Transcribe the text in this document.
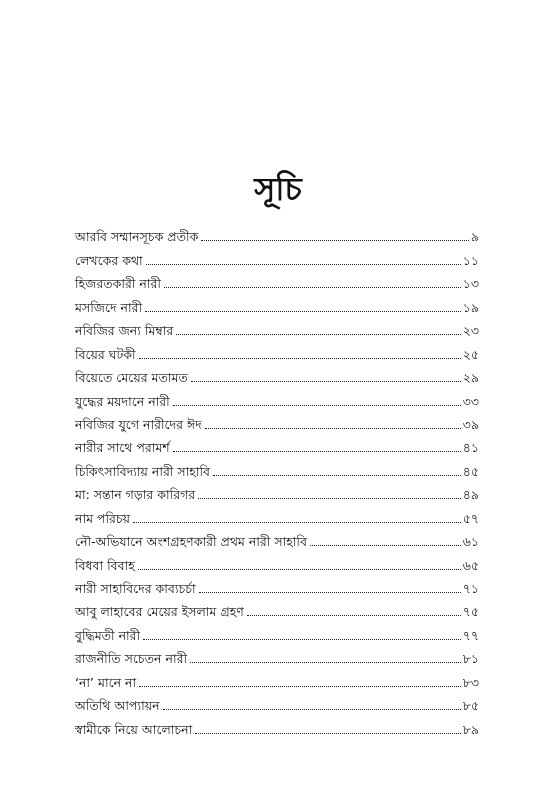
সূচি
আরবি সম্মানসূচক প্রতীক	৯
লেখকের কথা	১১
হিজরতকারী নারী	১৩
মসজিদে নারী	১৯
নবিজির জন্য মিম্বার	২৩
বিয়ের ঘটকী	২৫
বিয়েতে মেয়ের মতামত	২৯
যুদ্ধের ময়দানে নারী	৩৩
নবিজির যুগে নারীদের ঈদ	৩৯
নারীর সাথে পরামর্শ	৪১
চিকিৎসাবিদ্যায় নারী সাহাবি	৪৫
মা: সন্তান গড়ার কারিগর	৪৯
নাম পরিচয়	৫৭
নৌ-অভিযানে অংশগ্রহণকারী প্রথম নারী সাহাবি	৬১
বিধবা বিবাহ	৬৫
নারী সাহাবিদের কাব্যচর্চা	৭১
আবু লাহাবের মেয়ের ইসলাম গ্রহণ	৭৫
বুদ্ধিমতী নারী	৭৭
রাজনীতি সচেতন নারী	৮১
‘না’ মানে না	৮৩
অতিথি আপ্যায়ন	৮৫
স্বামীকে নিয়ে আলোচনা	৮৯
